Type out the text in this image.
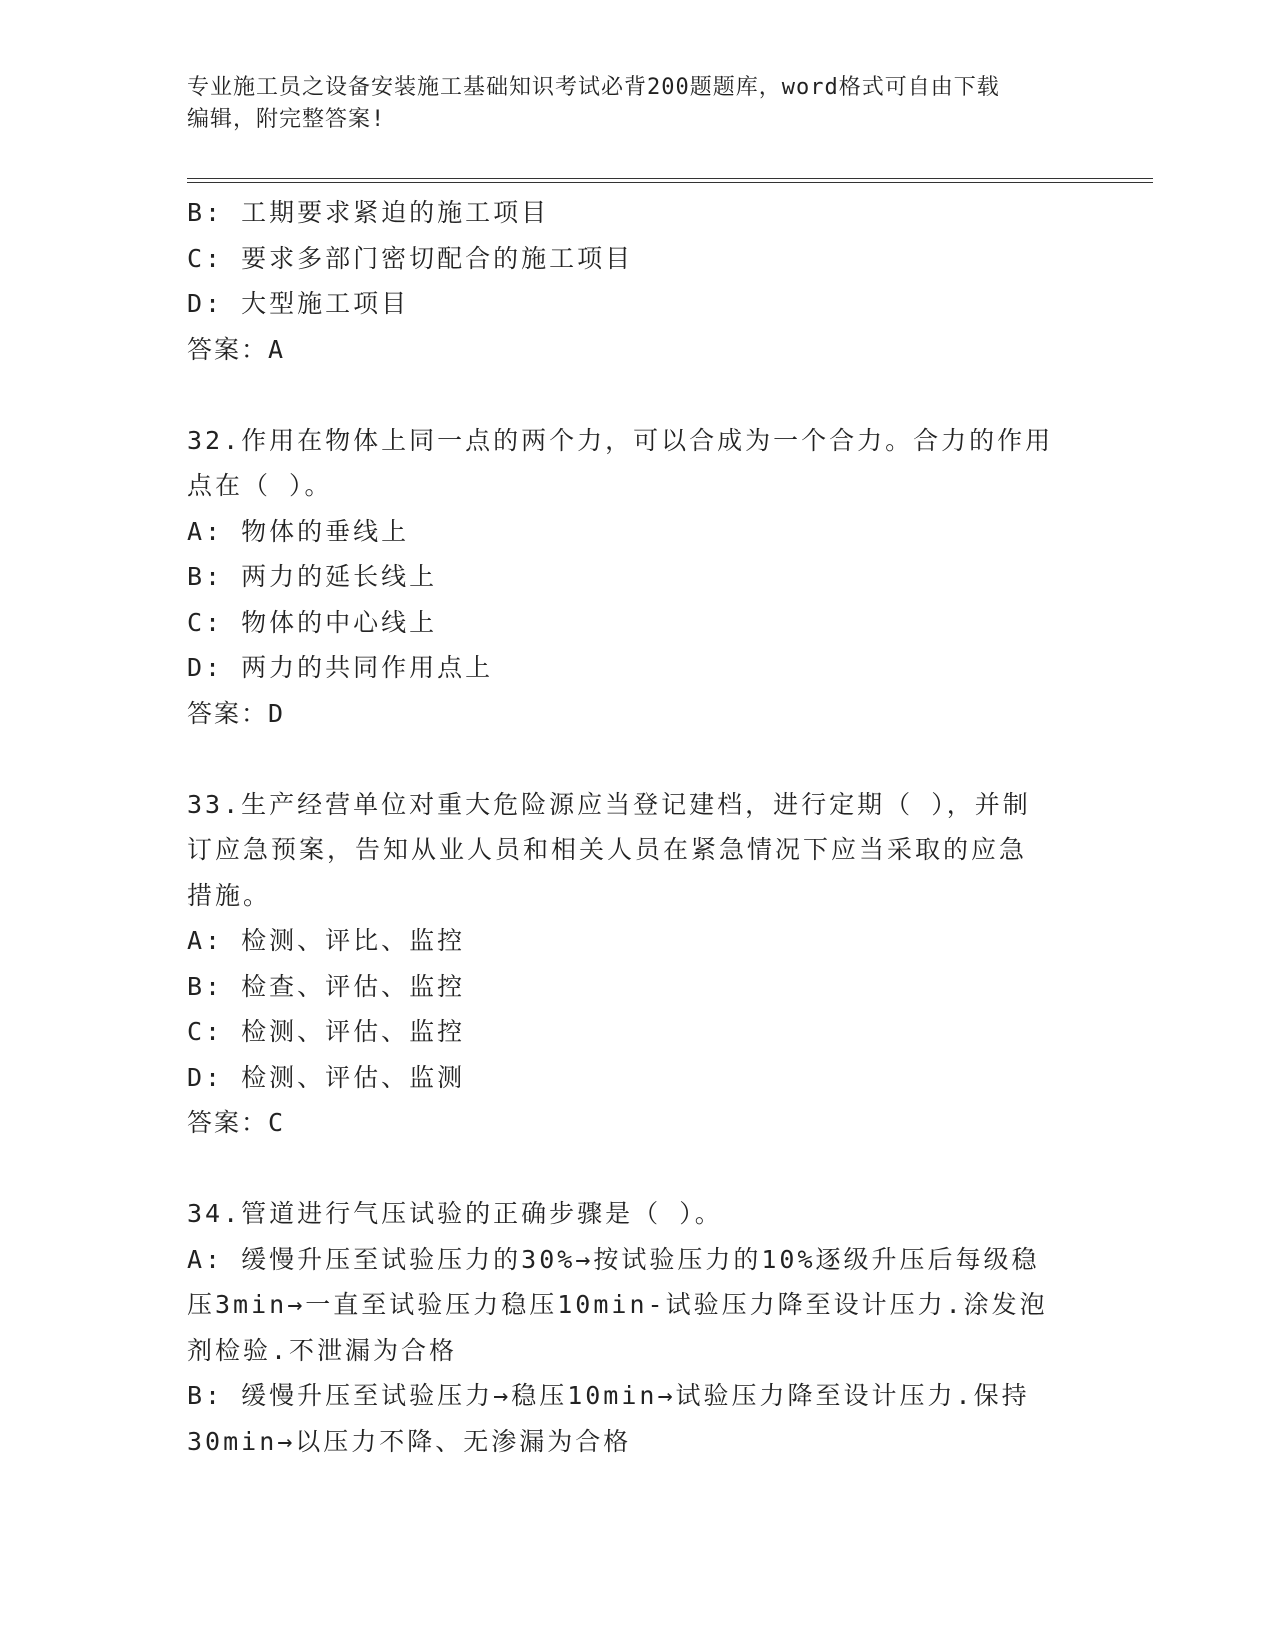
专业施工员之设备安装施工基础知识考试必背200题题库，word格式可自由下载
编辑，附完整答案!
B: 工期要求紧迫的施工项目
C: 要求多部门密切配合的施工项目
D: 大型施工项目
答案：A
32.作用在物体上同一点的两个力，可以合成为一个合力。合力的作用
点在（ ）。
A: 物体的垂线上
B: 两力的延长线上
C: 物体的中心线上
D: 两力的共同作用点上
答案：D
33.生产经营单位对重大危险源应当登记建档，进行定期（ ），并制
订应急预案，告知从业人员和相关人员在紧急情况下应当采取的应急
措施。
A: 检测、评比、监控
B: 检查、评估、监控
C: 检测、评估、监控
D: 检测、评估、监测
答案：C
34.管道进行气压试验的正确步骤是（ ）。
A: 缓慢升压至试验压力的30%→按试验压力的10%逐级升压后每级稳
压3min→一直至试验压力稳压10min-试验压力降至设计压力.涂发泡
剂检验.不泄漏为合格
B: 缓慢升压至试验压力→稳压10min→试验压力降至设计压力.保持
30min→以压力不降、无渗漏为合格
